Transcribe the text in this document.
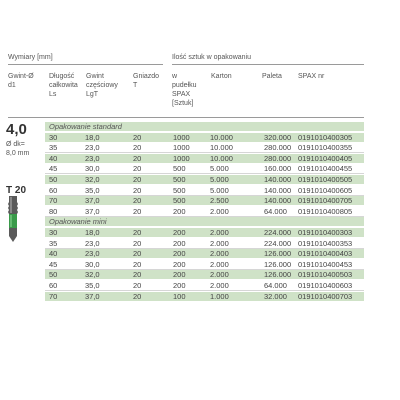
Wymiary [mm]	Ilość sztuk w opakowaniu
Gwint-Ø
d1
Długość
całkowita
Ls
Gwint
częściowy
LgT
Gniazdo
T
w
pudełku
SPAX
[Sztuk]
Karton	Paleta SPAX nr
4,0
Ø dk=
8,0 mm
T 20
Opakowanie standard
30	18,0	20	1000	10.000	320.000 0191010400305
35	23,0	20	1000	10.000	280.000 0191010400355
40	23,0	20	1000	10.000	280.000 0191010400405
45	30,0	20	500	5.000	160.000 0191010400455
50	32,0	20	500	5.000	140.000 0191010400505
60	35,0	20	500	5.000	140.000 0191010400605
70	37,0	20	500	2.500	140.000 0191010400705
80	37,0	20	200	2.000	64.000 0191010400805
Opakowanie mini
30	18,0	20	200	2.000	224.000 0191010400303
35	23,0	20	200	2.000	224.000 0191010400353
40	23,0	20	200	2.000	126.000 0191010400403
45	30,0	20	200	2.000	126.000 0191010400453
50	32,0	20	200	2.000	126.000 0191010400503
60	35,0	20	200	2.000	64.000 0191010400603
70	37,0	20	100	1.000	32.000 0191010400703
